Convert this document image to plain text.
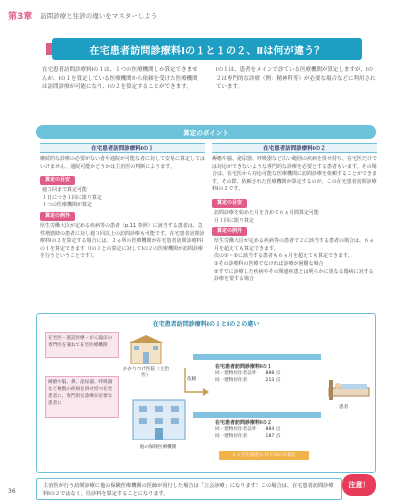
第3章 訪問診療と往診の違いをマスターしよう
在宅患者訪問診療料Ⅰの１と１の２、Ⅱは何が違う？
在宅患者訪問診療料Ⅰの１は、１つの医療機関しか算定できませんが、Ⅰの１を算定している医療機関から依頼を受けた医療機関は訪問診療が可能になり、Ⅰの２を算定することができます。
Ⅰの１は、患者をメインで診ている医療機関が算定しますが、Ⅰの２は専門的な診療（例：精神科等）が必要な場合などに利用されています。
算定のポイント
在宅患者訪問診療料Ⅰの１

継続的な診療の必要がない者や通院が可能な者に対して安易に算定してはいけません。通院可能かどうかは主治医の判断によります。

算定の目安
週３回まで算定可能
１日につき１回に限り算定
１つの医療機関が算定
算定の例外

厚生労働大臣が定める疾病等の患者（p.11 参照）に該当する患者は、急性増悪時の患者に対し週３回以上の訪問診療も可能です。在宅患者訪問診療料Ⅰの２を算定する場合には、２ヵ所の医療機関が在宅患者訪問診療料Ⅰの１を算定できます（Ⅰの１との算定に対してⅠの２の医療機関が訪問診療を行うということです）。

在宅患者訪問診療料Ⅰの２

褥瘡や脳、泌尿器、呼吸器など広い範囲の疾病を併せ持ち、在宅医だけでは対応ができないような専門的な診療を必要とする患者もいます。その場合は、在宅医から対応可能な医療機関に訪問診療を依頼することができます。その際、依頼された医療機関が算定するのが、この在宅患者訪問診療料Ⅰの２です。

算定の目安
訪問診療を始めた月を含めて６ヵ月間算定可能
月１回に限り算定
算定の例外
厚生労働大臣が定める疾病等の患者で２に該当する患者の場合は、６ヵ月を超えても算定できます。
次の①・②に該当する患者も６ヵ月を超えても算定できます。
①その診療科の医療でなければ診療が困難な場合
②すでに診療した疾病やその関連疾患とは明らかに異なる傷病に対する診療を要する場合
在宅患者訪問診療料Ⅰの１とⅠの２の違い
在宅医・施設医療・がん臨床の専門医を兼ねて在宅医療機関
褥瘡や脳、鼻、泌尿器、呼吸器など複数の疾病を併せ持つ在宅患者に、専門的な診療が必要な患者に
かかりつけ医院（主治医）
他の保険医療機関
依頼
在宅患者訪問診療料Ⅰの１
同一建物居住者以外　　888 点
同一建物居住者　　　　213 点
在宅患者訪問診療料Ⅰの２
同一建物居住者以外　　884 点
同一建物居住者　　　　187 点
患者
６ヵ月を限度に月１回のみ算定
主治医が行う訪問診療に他の保険医療機関の医師が同行した場合は「立会診療」になります！この場合は、在宅患者訪問診療料Ⅰの２ではなく、往診料を算定することになります。
注意！
36
